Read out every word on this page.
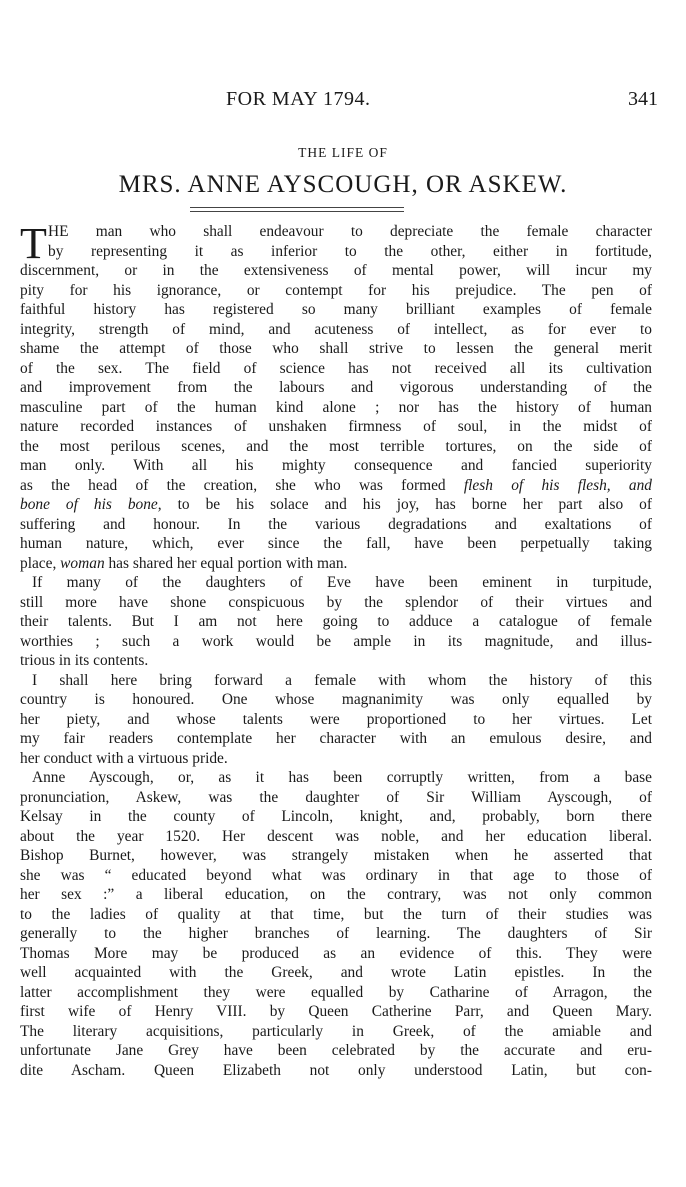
FOR MAY 1794.	341
THE LIFE OF
MRS. ANNE AYSCOUGH, OR ASKEW.
T HE man who shall endeavour to depreciate the female character
by representing it as inferior to the other, either in fortitude,
discernment, or in the extensiveness of mental power, will incur my
pity for his ignorance, or contempt for his prejudice. The pen of
faithful history has registered so many brilliant examples of female
integrity, strength of mind, and acuteness of intellect, as for ever to
shame the attempt of those who shall strive to lessen the general merit
of the sex. The field of science has not received all its cultivation
and improvement from the labours and vigorous understanding of the
masculine part of the human kind alone ; nor has the history of human
nature recorded instances of unshaken firmness of soul, in the midst of
the most perilous scenes, and the most terrible tortures, on the side of
man only. With all his mighty consequence and fancied superiority
as the head of the creation, she who was formed flesh of his flesh, and
bone of his bone, to be his solace and his joy, has borne her part also of
suffering and honour. In the various degradations and exaltations of
human nature, which, ever since the fall, have been perpetually taking
place, woman has shared her equal portion with man.
If many of the daughters of Eve have been eminent in turpitude,
still more have shone conspicuous by the splendor of their virtues and
their talents. But I am not here going to adduce a catalogue of female
worthies ; such a work would be ample in its magnitude, and illus-
trious in its contents.
I shall here bring forward a female with whom the history of this
country is honoured. One whose magnanimity was only equalled by
her piety, and whose talents were proportioned to her virtues. Let
my fair readers contemplate her character with an emulous desire, and
her conduct with a virtuous pride.
Anne Ayscough, or, as it has been corruptly written, from a base
pronunciation, Askew, was the daughter of Sir William Ayscough, of
Kelsay in the county of Lincoln, knight, and, probably, born there
about the year 1520. Her descent was noble, and her education liberal.
Bishop Burnet, however, was strangely mistaken when he asserted that
she was “ educated beyond what was ordinary in that age to those of
her sex :” a liberal education, on the contrary, was not only common
to the ladies of quality at that time, but the turn of their studies was
generally to the higher branches of learning. The daughters of Sir
Thomas More may be produced as an evidence of this. They were
well acquainted with the Greek, and wrote Latin epistles. In the
latter accomplishment they were equalled by Catharine of Arragon, the
first wife of Henry VIII. by Queen Catherine Parr, and Queen Mary.
The literary acquisitions, particularly in Greek, of the amiable and
unfortunate Jane Grey have been celebrated by the accurate and eru-
dite Ascham. Queen Elizabeth not only understood Latin, but con-
